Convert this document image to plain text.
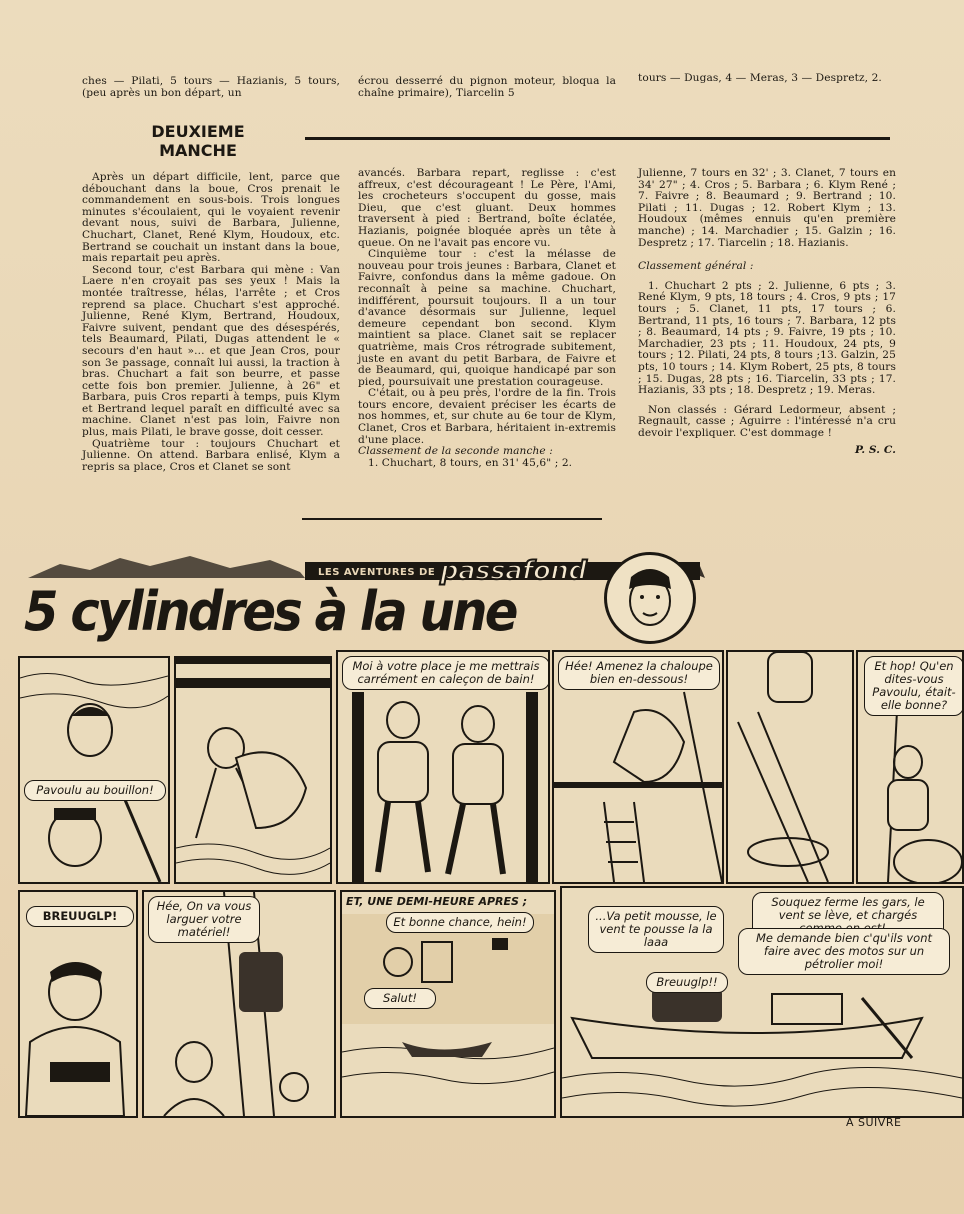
ches — Pilati, 5 tours — Hazianis, 5 tours, (peu après un bon départ, un

écrou desserré du pignon moteur, bloqua la chaîne primaire), Tiarcelin 5

tours — Dugas, 4 — Meras, 3 — Despretz, 2.

DEUXIEME MANCHE

Après un départ difficile, lent, parce que débouchant dans la boue, Cros prenait le commandement en sous-bois. Trois longues minutes s'écoulaient, qui le voyaient revenir devant nous, suivi de Barbara, Julienne, Chuchart, Clanet, René Klym, Houdoux, etc. Bertrand se couchait un instant dans la boue, mais repartait peu après.

Second tour, c'est Barbara qui mène : Van Laere n'en croyait pas ses yeux ! Mais la montée traîtresse, hélas, l'arrête ; et Cros reprend sa place. Chuchart s'est approché. Julienne, René Klym, Bertrand, Houdoux, Faivre suivent, pendant que des désespérés, tels Beaumard, Pilati, Dugas attendent le « secours d'en haut »... et que Jean Cros, pour son 3e passage, connaît lui aussi, la traction à bras. Chuchart a fait son beurre, et passe cette fois bon premier. Julienne, à 26" et Barbara, puis Cros reparti à temps, puis Klym et Bertrand lequel paraît en difficulté avec sa machine. Clanet n'est pas loin, Faivre non plus, mais Pilati, le brave gosse, doit cesser.

Quatrième tour : toujours Chuchart et Julienne. On attend. Barbara enlisé, Klym a repris sa place, Cros et Clanet se sont

avancés. Barbara repart, reglisse : c'est affreux, c'est décourageant ! Le Père, l'Ami, les crocheteurs s'occupent du gosse, mais Dieu, que c'est gluant. Deux hommes traversent à pied : Bertrand, boîte éclatée, Hazianis, poignée bloquée après un tête à queue. On ne l'avait pas encore vu.

Cinquième tour : c'est la mélasse de nouveau pour trois jeunes : Barbara, Clanet et Faivre, confondus dans la même gadoue. On reconnaît à peine sa machine. Chuchart, indifférent, poursuit toujours. Il a un tour d'avance désormais sur Julienne, lequel demeure cependant bon second. Klym maintient sa place. Clanet sait se replacer quatrième, mais Cros rétrograde subitement, juste en avant du petit Barbara, de Faivre et de Beaumard, qui, quoique handicapé par son pied, poursuivait une prestation courageuse.

C'était, ou à peu près, l'ordre de la fin. Trois tours encore, devaient préciser les écarts de nos hommes, et, sur chute au 6e tour de Klym, Clanet, Cros et Barbara, héritaient in-extremis d'une place.

Classement de la seconde manche :

1. Chuchart, 8 tours, en 31' 45,6" ; 2.

Julienne, 7 tours en 32' ; 3. Clanet, 7 tours en 34' 27" ; 4. Cros ; 5. Barbara ; 6. Klym René ; 7. Faivre ; 8. Beaumard ; 9. Bertrand ; 10. Pilati ; 11. Dugas ; 12. Robert Klym ; 13. Houdoux (mêmes ennuis qu'en première manche) ; 14. Marchadier ; 15. Galzin ; 16. Despretz ; 17. Tiarcelin ; 18. Hazianis.

Classement général :

1. Chuchart 2 pts ; 2. Julienne, 6 pts ; 3. René Klym, 9 pts, 18 tours ; 4. Cros, 9 pts ; 17 tours ; 5. Clanet, 11 pts, 17 tours ; 6. Bertrand, 11 pts, 16 tours ; 7. Barbara, 12 pts ; 8. Beaumard, 14 pts ; 9. Faivre, 19 pts ; 10. Marchadier, 23 pts ; 11. Houdoux, 24 pts, 9 tours ; 12. Pilati, 24 pts, 8 tours ;13. Galzin, 25 pts, 10 tours ; 14. Klym Robert, 25 pts, 8 tours ; 15. Dugas, 28 pts ; 16. Tiarcelin, 33 pts ; 17. Hazianis, 33 pts ; 18. Despretz ; 19. Meras.

Non classés : Gérard Ledormeur, absent ; Regnault, casse ; Aguirre : l'intéressé n'a cru devoir l'expliquer. C'est dommage !

P. S. C.

LES AVENTURES DE passafond
5 cylindres à la une
Pavoulu au bouillon!
Moi à votre place je me mettrais carrément en caleçon de bain!
Hée! Amenez la chaloupe bien en-dessous!
Et hop! Qu'en dites-vous Pavoulu, était-elle bonne?
BREUUGLP!
Hée, On va vous larguer votre matériel!
ET, UNE DEMI-HEURE APRES ;
Et bonne chance, hein!
Salut!
Souquez ferme les gars, le vent se lève, et chargés
...Va petit mousse, le vent te pousse la la laaa	Me demande bien c'qu'ils vont faire avec des motos sur un pétrolier moi!
Breuuglp!!
A SUIVRE
